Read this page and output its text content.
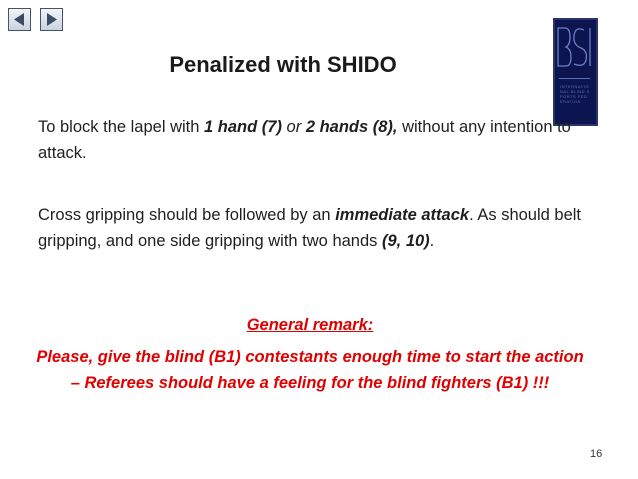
Penalized with SHIDO
INTERNATIONAL BLIND SPORTS FEDERATION
To block the lapel with 1 hand (7) or 2 hands (8), without any intention to attack.
Cross gripping should be followed by an immediate attack. As should belt gripping, and one side gripping with two hands (9, 10).
General remark:
Please, give the blind (B1) contestants enough time to start the action – Referees should have a feeling for the blind fighters (B1) !!!
16
